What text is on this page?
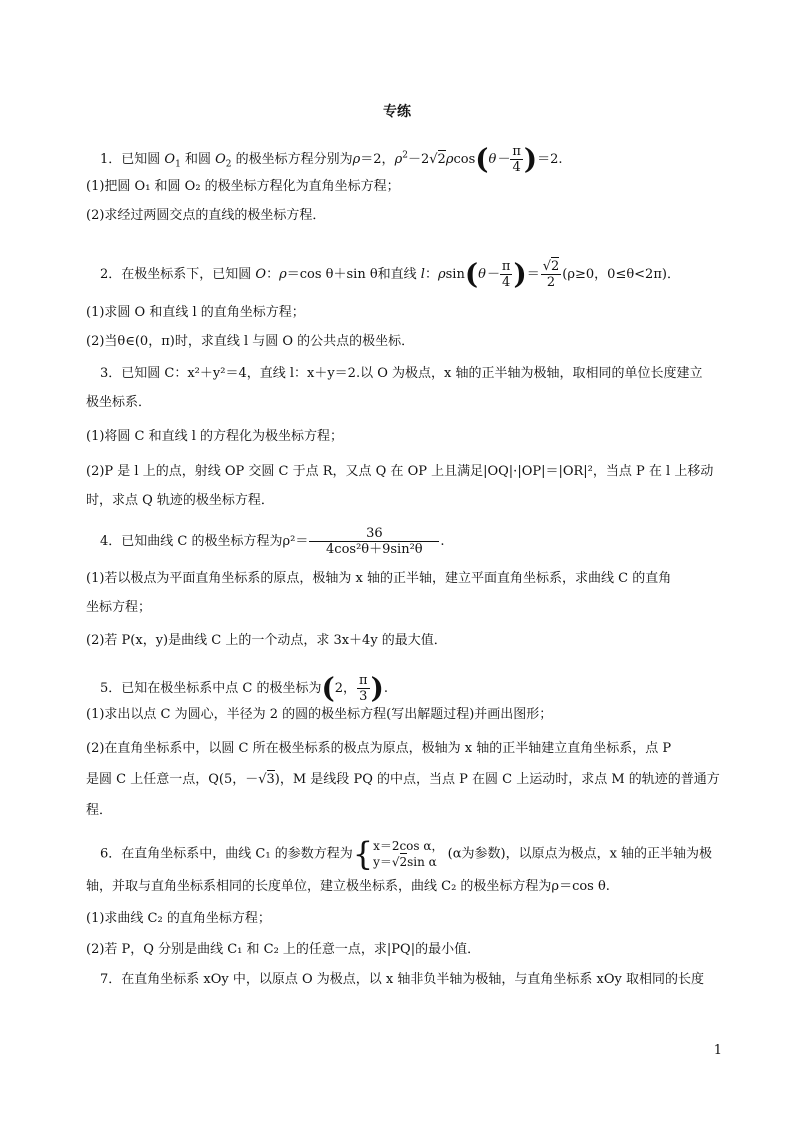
专练
1．已知圆 $O_1$ 和圆 $O_2$ 的极坐标方程分别为ρ＝2，$\rho^2-2√2\rho\cos(\theta- \frac{\pi}{4} )=2$.
(1)把圆 O₁ 和圆 O₂ 的极坐标方程化为直角坐标方程；
(2)求经过两圆交点的直线的极坐标方程．
2．在极坐标系下，已知圆 O：ρ＝cos θ＋sin θ和直线 l：$\rho\sin(\theta- \frac{\pi}{4}$ )＝ $\frac{√2}{2} (\rho\ge 0$，0≤θ<2π)．
(1)求圆 O 和直线 l 的直角坐标方程；
(2)当θ∈(0，π)时，求直线 l 与圆 O 的公共点的极坐标．
3．已知圆 C：x²＋y²＝4，直线 l：x＋y＝2.以 O 为极点，x 轴的正半轴为极轴，取相同的单位长度建立
极坐标系．
(1)将圆 C 和直线 l 的方程化为极坐标方程；
(2)P 是 l 上的点，射线 OP 交圆 C 于点 R，又点 Q 在 OP 上且满足|OQ|·|OP|＝|OR|²，当点 P 在 l 上移动
时，求点 Q 轨迹的极坐标方程．
4．已知曲线 C 的极坐标方程为$\rho^2= \frac{36}{\text{4cos²θ＋9sin²θ}}$ .
(1)若以极点为平面直角坐标系的原点，极轴为 x 轴的正半轴，建立平面直角坐标系，求曲线 C 的直角
坐标方程；
(2)若 P(x，y)是曲线 C 上的一个动点，求 3x＋4y 的最大值．
5．已知在极坐标系中点 C 的极坐标为(2， $\frac{\pi}{3}$ ).
(1)求出以点 C 为圆心，半径为 2 的圆的极坐标方程(写出解题过程)并画出图形；
(2)在直角坐标系中，以圆 C 所在极坐标系的极点为原点，极轴为 x 轴的正半轴建立直角坐标系，点 P
是圆 C 上任意一点，Q(5，－√3)，M 是线段 PQ 的中点，当点 P 在圆 C 上运动时，求点 M 的轨迹的普通方
程．
6．在直角坐标系中，曲线 C₁ 的参数方程为{ x＝2cos α，
y＝√2sin α
(α为参数)，以原点为极点，x 轴的正半轴为极
轴，并取与直角坐标系相同的长度单位，建立极坐标系，曲线 C₂ 的极坐标方程为ρ＝cos θ.
(1)求曲线 C₂ 的直角坐标方程；
(2)若 P，Q 分别是曲线 C₁ 和 C₂ 上的任意一点，求|PQ|的最小值．
7．在直角坐标系 xOy 中，以原点 O 为极点，以 x 轴非负半轴为极轴，与直角坐标系 xOy 取相同的长度
1
